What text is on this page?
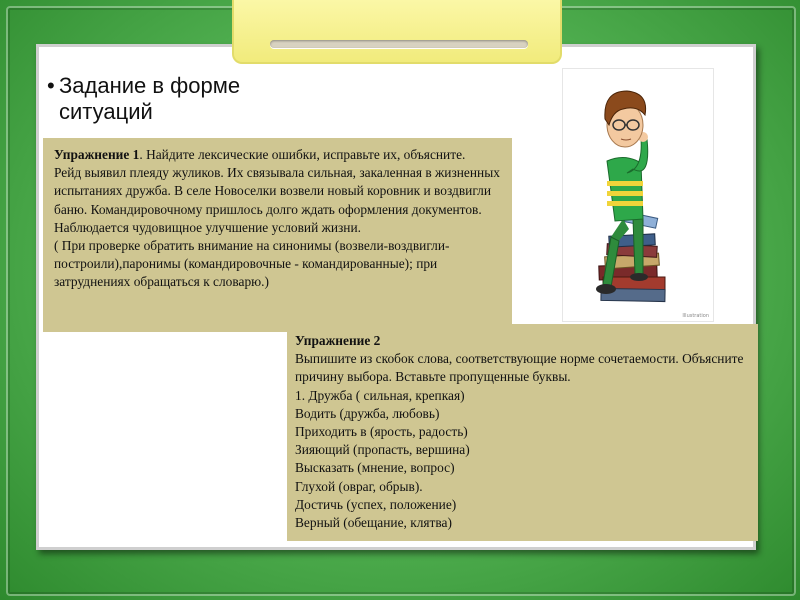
• Задание в форме
ситуаций

Упражнение 1. Найдите лексические ошибки, исправьте их, объясните.

Рейд выявил плеяду жуликов. Их связывала сильная, закаленная в жизненных испытаниях дружба. В селе Новоселки возвели новый коровник и воздвигли баню. Командировочному пришлось долго ждать оформления документов. Наблюдается чудовищное улучшение условий жизни.

( При проверке обратить внимание на синонимы (возвели-воздвигли-построили),паронимы (командировочные - командированные); при затруднениях обращаться к словарю.)

Illustration

Упражнение 2

Выпишите из скобок слова, соответствующие норме сочетаемости. Объясните причину выбора. Вставьте пропущенные буквы.

1. Дружба ( сильная, крепкая)

Водить (дружба, любовь)

Приходить в (ярость, радость)

Зияющий (пропасть, вершина)

Высказать (мнение, вопрос)

Глухой (овраг, обрыв).

Достичь (успех, положение)

Верный (обещание, клятва)
